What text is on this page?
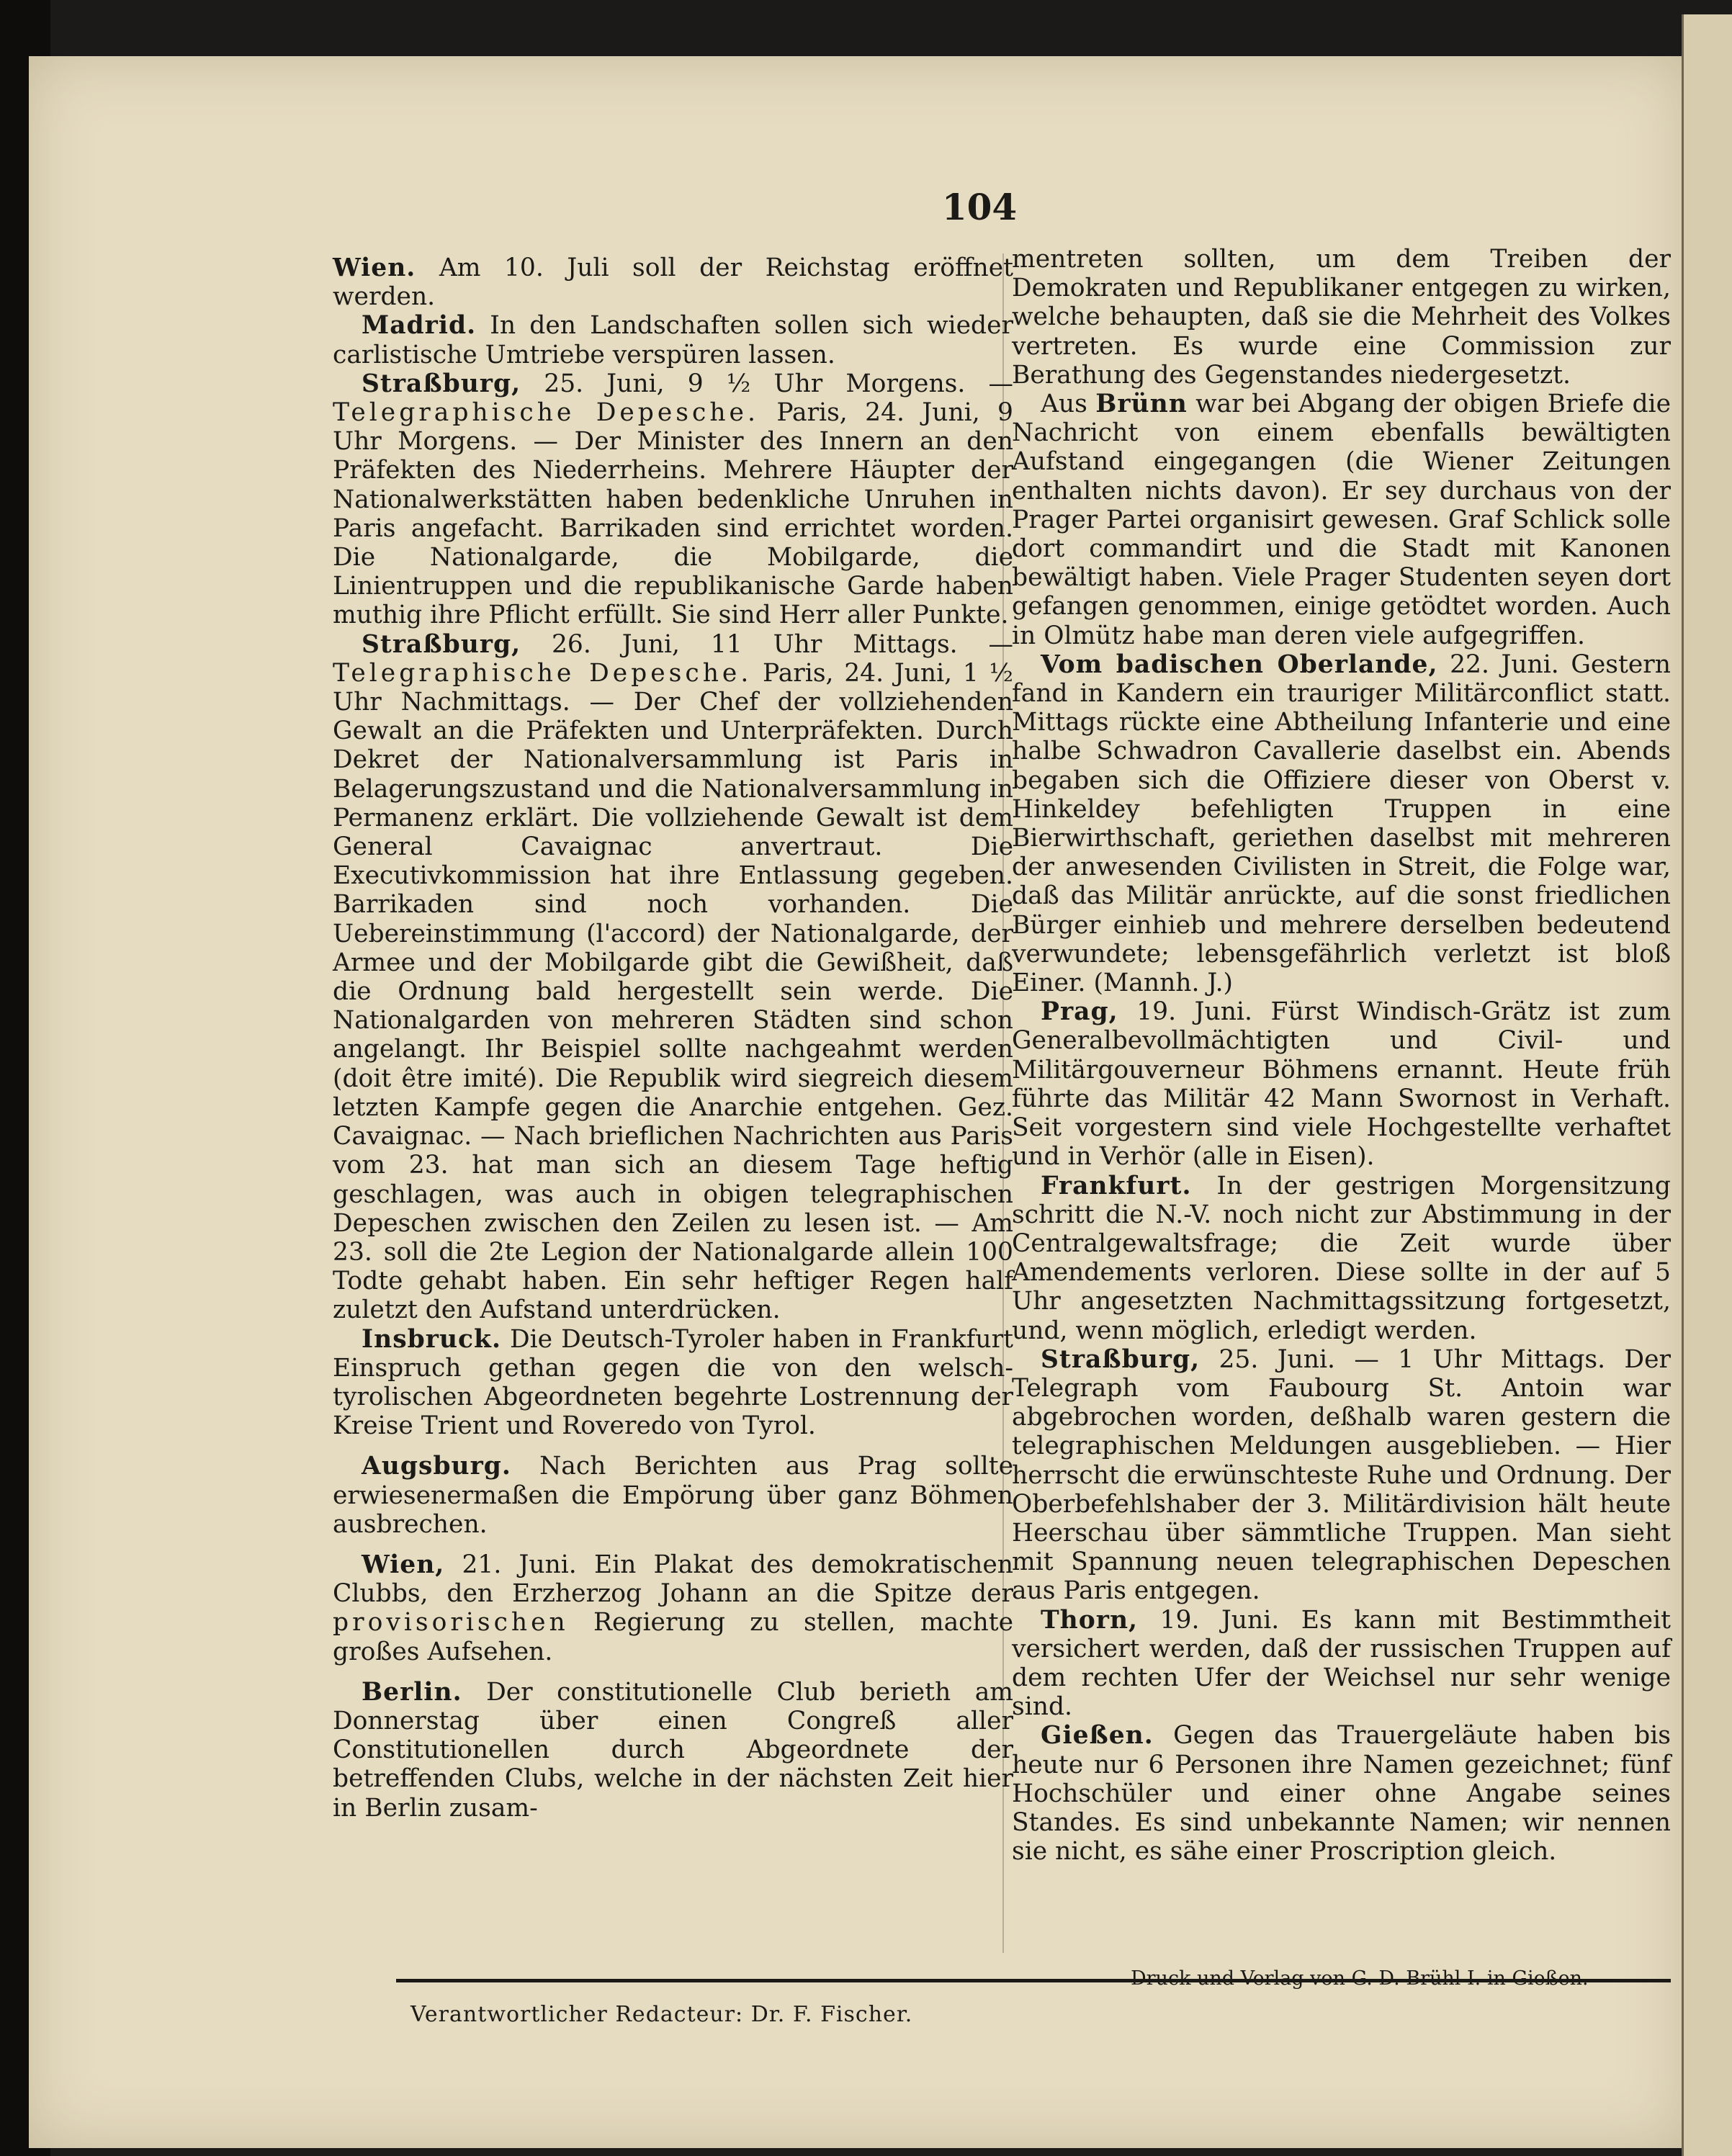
104

Wien. Am 10. Juli soll der Reichstag eröffnet werden.

Madrid. In den Landschaften sollen sich wieder carlistische Umtriebe verspüren lassen.

Straßburg, 25. Juni, 9 ½ Uhr Morgens. — Telegraphische Depesche. Paris, 24. Juni, 9 Uhr Morgens. — Der Minister des Innern an den Präfekten des Niederrheins. Mehrere Häupter der Nationalwerkstätten haben bedenkliche Unruhen in Paris angefacht. Barrikaden sind errichtet worden. Die Nationalgarde, die Mobilgarde, die Linientruppen und die republikanische Garde haben muthig ihre Pflicht erfüllt. Sie sind Herr aller Punkte.

Straßburg, 26. Juni, 11 Uhr Mittags. — Telegraphische Depesche. Paris, 24. Juni, 1 ½ Uhr Nachmittags. — Der Chef der vollziehenden Gewalt an die Präfekten und Unterpräfekten. Durch Dekret der Nationalversammlung ist Paris in Belagerungszustand und die Nationalversammlung in Permanenz erklärt. Die vollziehende Gewalt ist dem General Cavaignac anvertraut. Die Executivkommission hat ihre Entlassung gegeben. Barrikaden sind noch vorhanden. Die Uebereinstimmung (l'accord) der Nationalgarde, der Armee und der Mobilgarde gibt die Gewißheit, daß die Ordnung bald hergestellt sein werde. Die Nationalgarden von mehreren Städten sind schon angelangt. Ihr Beispiel sollte nachgeahmt werden (doit être imité). Die Republik wird siegreich diesem letzten Kampfe gegen die Anarchie entgehen. Gez. Cavaignac. — Nach brieflichen Nachrichten aus Paris vom 23. hat man sich an diesem Tage heftig geschlagen, was auch in obigen telegraphischen Depeschen zwischen den Zeilen zu lesen ist. — Am 23. soll die 2te Legion der Nationalgarde allein 100 Todte gehabt haben. Ein sehr heftiger Regen half zuletzt den Aufstand unterdrücken.

Insbruck. Die Deutsch-Tyroler haben in Frankfurt Einspruch gethan gegen die von den welsch-tyrolischen Abgeordneten begehrte Lostrennung der Kreise Trient und Roveredo von Tyrol.

Augsburg. Nach Berichten aus Prag sollte erwiesenermaßen die Empörung über ganz Böhmen ausbrechen.

Wien, 21. Juni. Ein Plakat des demokratischen Clubbs, den Erzherzog Johann an die Spitze der provisorischen Regierung zu stellen, machte großes Aufsehen.

Berlin. Der constitutionelle Club berieth am Donnerstag über einen Congreß aller Constitutionellen durch Abgeordnete der betreffenden Clubs, welche in der nächsten Zeit hier in Berlin zusam-

mentreten sollten, um dem Treiben der Demokraten und Republikaner entgegen zu wirken, welche behaupten, daß sie die Mehrheit des Volkes vertreten. Es wurde eine Commission zur Berathung des Gegenstandes niedergesetzt.

Aus Brünn war bei Abgang der obigen Briefe die Nachricht von einem ebenfalls bewältigten Aufstand eingegangen (die Wiener Zeitungen enthalten nichts davon). Er sey durchaus von der Prager Partei organisirt gewesen. Graf Schlick solle dort commandirt und die Stadt mit Kanonen bewältigt haben. Viele Prager Studenten seyen dort gefangen genommen, einige getödtet worden. Auch in Olmütz habe man deren viele aufgegriffen.

Vom badischen Oberlande, 22. Juni. Gestern fand in Kandern ein trauriger Militärconflict statt. Mittags rückte eine Abtheilung Infanterie und eine halbe Schwadron Cavallerie daselbst ein. Abends begaben sich die Offiziere dieser von Oberst v. Hinkeldey befehligten Truppen in eine Bierwirthschaft, geriethen daselbst mit mehreren der anwesenden Civilisten in Streit, die Folge war, daß das Militär anrückte, auf die sonst friedlichen Bürger einhieb und mehrere derselben bedeutend verwundete; lebensgefährlich verletzt ist bloß Einer. (Mannh. J.)

Prag, 19. Juni. Fürst Windisch-Grätz ist zum Generalbevollmächtigten und Civil- und Militärgouverneur Böhmens ernannt. Heute früh führte das Militär 42 Mann Swornost in Verhaft. Seit vorgestern sind viele Hochgestellte verhaftet und in Verhör (alle in Eisen).

Frankfurt. In der gestrigen Morgensitzung schritt die N.-V. noch nicht zur Abstimmung in der Centralgewaltsfrage; die Zeit wurde über Amendements verloren. Diese sollte in der auf 5 Uhr angesetzten Nachmittagssitzung fortgesetzt, und, wenn möglich, erledigt werden.

Straßburg, 25. Juni. — 1 Uhr Mittags. Der Telegraph vom Faubourg St. Antoin war abgebrochen worden, deßhalb waren gestern die telegraphischen Meldungen ausgeblieben. — Hier herrscht die erwünschteste Ruhe und Ordnung. Der Oberbefehlshaber der 3. Militärdivision hält heute Heerschau über sämmtliche Truppen. Man sieht mit Spannung neuen telegraphischen Depeschen aus Paris entgegen.

Thorn, 19. Juni. Es kann mit Bestimmtheit versichert werden, daß der russischen Truppen auf dem rechten Ufer der Weichsel nur sehr wenige sind.

Gießen. Gegen das Trauergeläute haben bis heute nur 6 Personen ihre Namen gezeichnet; fünf Hochschüler und einer ohne Angabe seines Standes. Es sind unbekannte Namen; wir nennen sie nicht, es sähe einer Proscription gleich.

Druck und Verlag von G. D. Brühl I. in Gießen.
Verantwortlicher Redacteur: Dr. F. Fischer.
